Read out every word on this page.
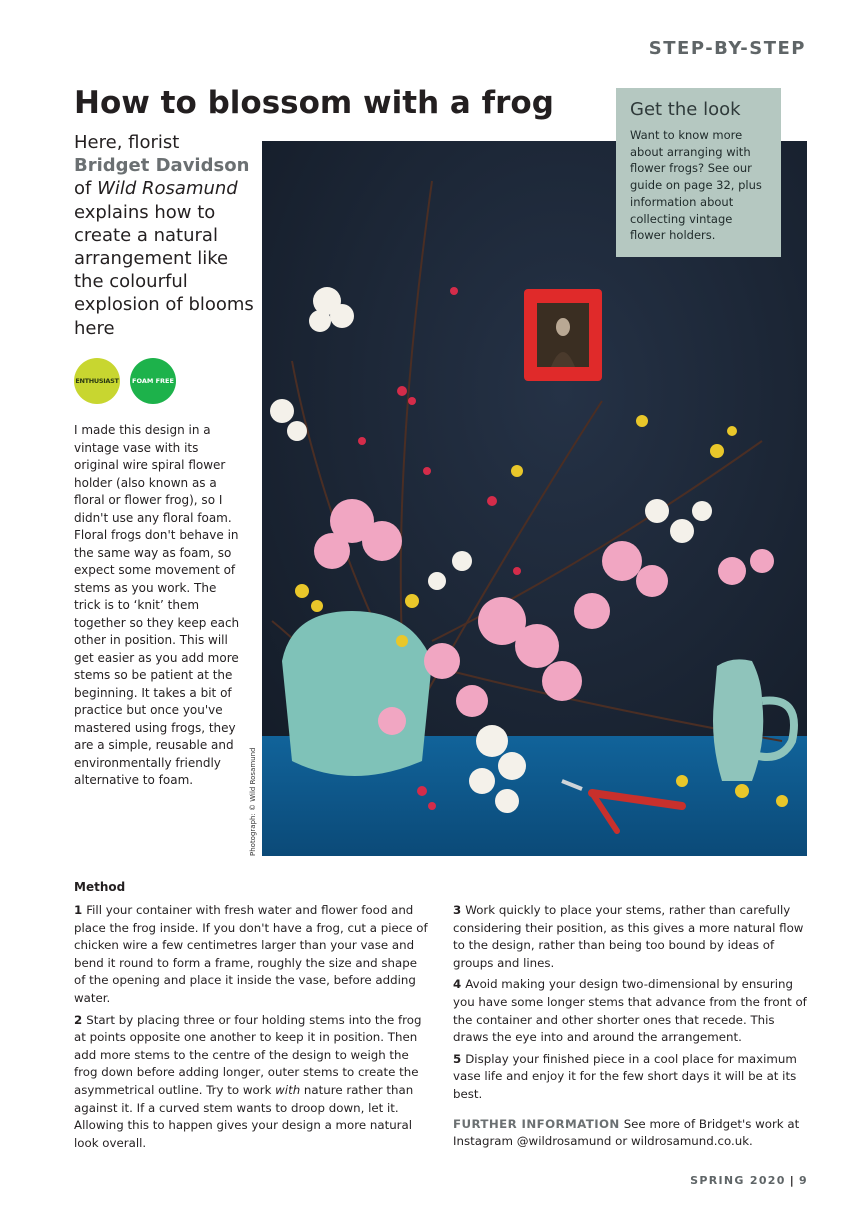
STEP-BY-STEP
How to blossom with a frog
Here, florist Bridget Davidson of Wild Rosamund explains how to create a natural arrangement like the colourful explosion of blooms here
ENTHUSIAST FOAM FREE
I made this design in a vintage vase with its original wire spiral flower holder (also known as a floral or flower frog), so I didn't use any floral foam. Floral frogs don't behave in the same way as foam, so expect some movement of stems as you work. The trick is to ‘knit’ them together so they keep each other in position. This will get easier as you add more stems so be patient at the beginning. It takes a bit of practice but once you've mastered using frogs, they are a simple, reusable and environmentally friendly alternative to foam.	Photograph: © Wild Rosamund
Get the look
Want to know more about arranging with flower frogs? See our guide on page 32, plus information about collecting vintage flower holders.
Method

1 Fill your container with fresh water and flower food and place the frog inside. If you don't have a frog, cut a piece of chicken wire a few centimetres larger than your vase and bend it round to form a frame, roughly the size and shape of the opening and place it inside the vase, before adding water.

2 Start by placing three or four holding stems into the frog at points opposite one another to keep it in position. Then add more stems to the centre of the design to weigh the frog down before adding longer, outer stems to create the asymmetrical outline. Try to work with nature rather than against it. If a curved stem wants to droop down, let it. Allowing this to happen gives your design a more natural look overall.

3 Work quickly to place your stems, rather than carefully considering their position, as this gives a more natural flow to the design, rather than being too bound by ideas of groups and lines.

4 Avoid making your design two-dimensional by ensuring you have some longer stems that advance from the front of the container and other shorter ones that recede. This draws the eye into and around the arrangement.

5 Display your finished piece in a cool place for maximum vase life and enjoy it for the few short days it will be at its best.

FURTHER INFORMATION See more of Bridget's work at Instagram @wildrosamund or wildrosamund.co.uk.

SPRING 2020 | 9
